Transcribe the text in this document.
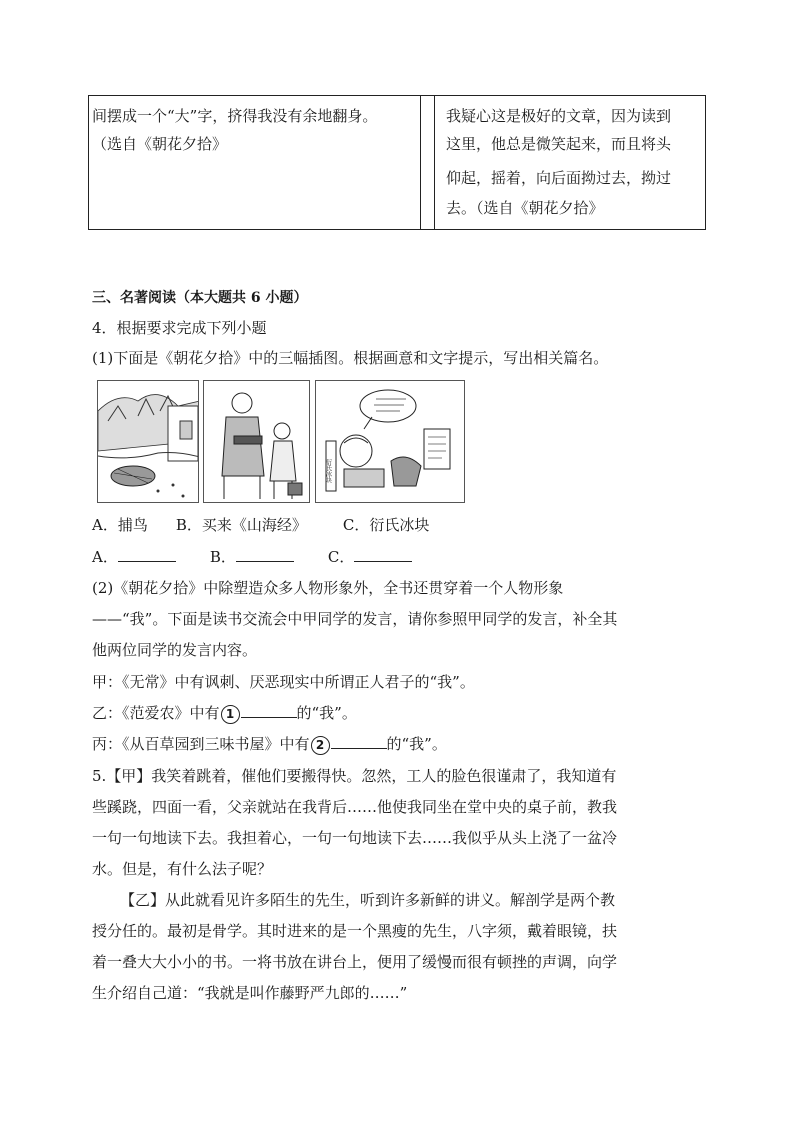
间摆成一个“大”字，挤得我没有余地翻身。
（选自《朝花夕拾》
我疑心这是极好的文章，因为读到
这里，他总是微笑起来，而且将头
仰起，摇着，向后面拗过去，拗过
去。（选自《朝花夕拾》
三、名著阅读（本大题共 6 小题）
4．根据要求完成下列小题
(1)下面是《朝花夕拾》中的三幅插图。根据画意和文字提示，写出相关篇名。
衍氏冰块
A．捕鸟 B．买来《山海经》 C．衍氏冰块
A．	B．	C．
(2)《朝花夕拾》中除塑造众多人物形象外，全书还贯穿着一个人物形象
——“我”。下面是读书交流会中甲同学的发言，请你参照甲同学的发言，补全其
他两位同学的发言内容。
甲：《无常》中有讽刺、厌恶现实中所谓正人君子的“我”。
乙：《范爱农》中有 1	的“我”。
丙：《从百草园到三味书屋》中有 2	的“我”。
5.【甲】我笑着跳着，催他们要搬得快。忽然，工人的脸色很谨肃了，我知道有
些蹊跷，四面一看，父亲就站在我背后……他使我同坐在堂中央的桌子前，教我
一句一句地读下去。我担着心，一句一句地读下去……我似乎从头上浇了一盆冷
水。但是，有什么法子呢？
【乙】从此就看见许多陌生的先生，听到许多新鲜的讲义。解剖学是两个教
授分任的。最初是骨学。其时进来的是一个黑瘦的先生，八字须，戴着眼镜，扶
着一叠大大小小的书。一将书放在讲台上，便用了缓慢而很有顿挫的声调，向学
生介绍自己道：“我就是叫作藤野严九郎的……”
